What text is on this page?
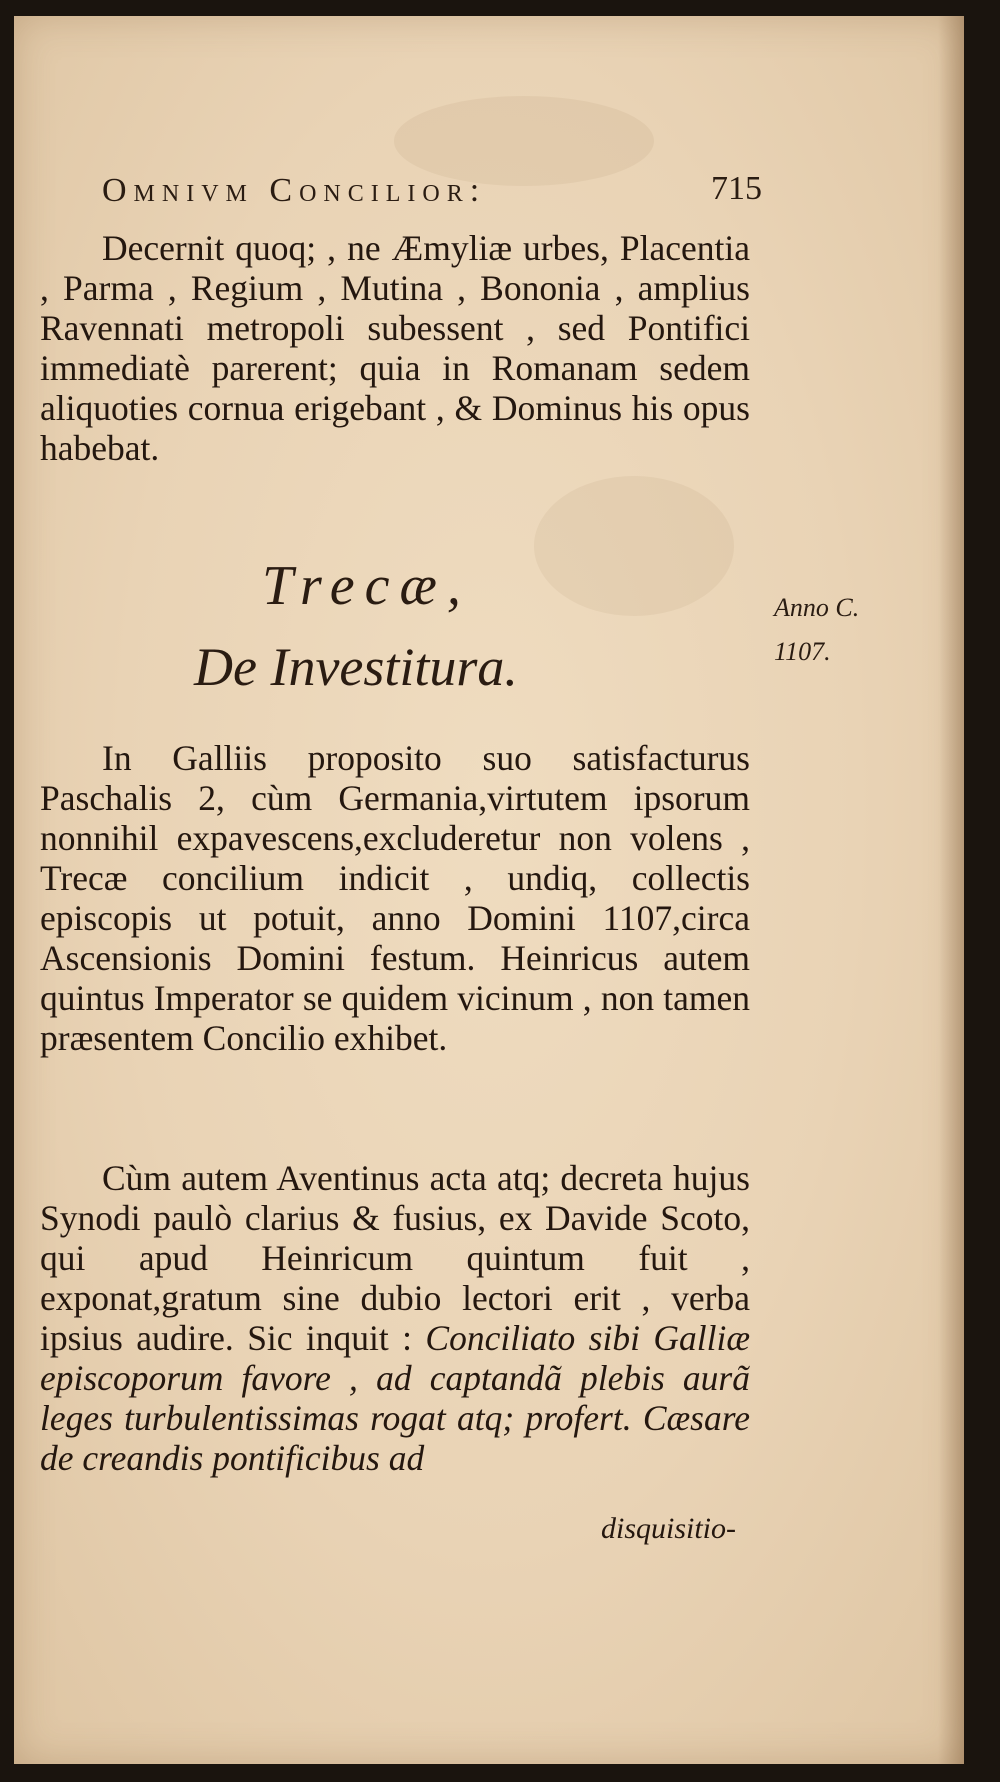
Omnivm Concilior:	715
Decernit quoq; , ne Æmyliæ urbes, Placentia , Parma , Regium , Mutina , Bononia , amplius Ravennati metropoli subessent , sed Pontifici immediatè parerent; quia in Romanam sedem aliquoties cornua erigebant , & Dominus his opus habebat.
Trecæ,
De Investitura.
Anno C.
1107.
In Galliis proposito suo satisfacturus Paschalis 2, cùm Germania,virtutem ipsorum nonnihil expavescens,excluderetur non volens , Trecæ concilium indicit , undiq, collectis episcopis ut potuit, anno Domini 1107,circa Ascensionis Domini festum. Heinricus autem quintus Imperator se quidem vicinum , non tamen præsentem Concilio exhibet.
Cùm autem Aventinus acta atq; decreta hujus Synodi paulò clarius & fusius, ex Davide Scoto, qui apud Heinricum quintum fuit , exponat,gratum sine dubio lectori erit , verba ipsius audire. Sic inquit : Conciliato sibi Galliæ episcoporum favore , ad captandã plebis aurã leges turbulentissimas rogat atq; profert. Cæsare de creandis pontificibus ad
disquisitio-
